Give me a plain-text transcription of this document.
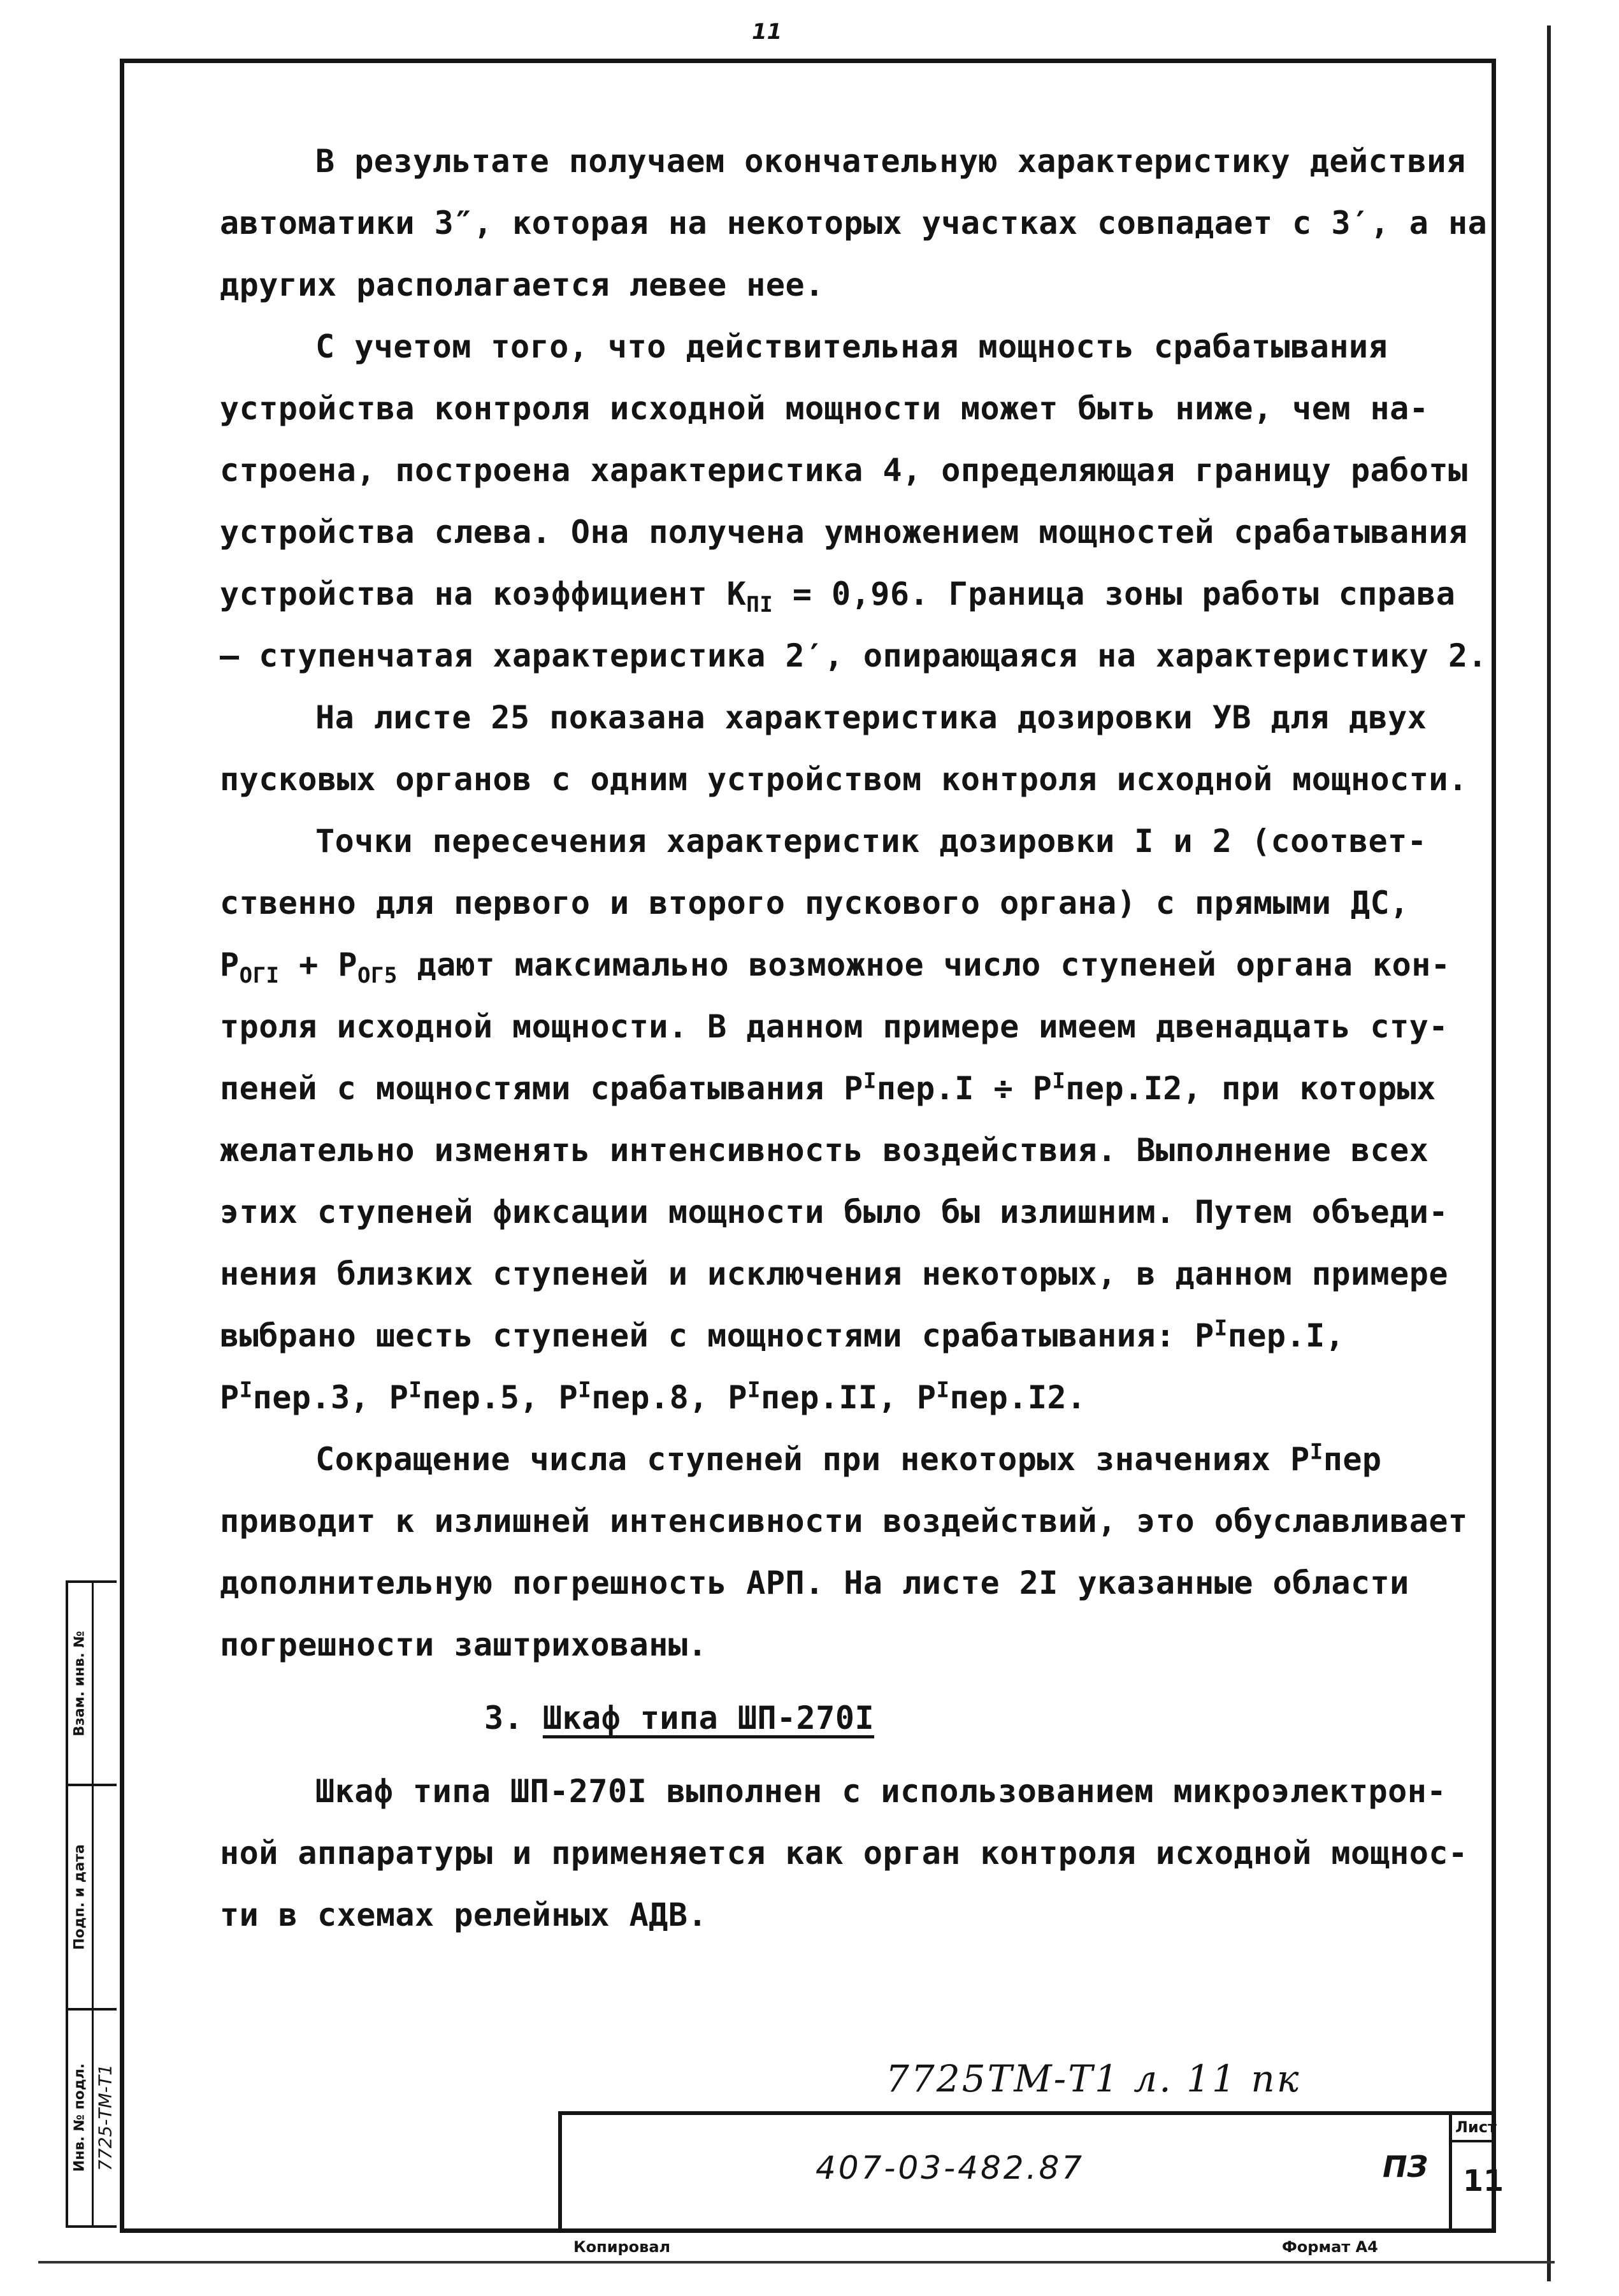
11

В результате получаем окончательную характеристику действия автоматики 3″, которая на некоторых участках совпадает с 3′, а на других располагается левее нее.

С учетом того, что действительная мощность срабатывания устройства контроля исходной мощности может быть ниже, чем на-строена, построена характеристика 4, определяющая границу работы устройства слева. Она получена умножением мощностей срабатывания устройства на коэффициент $К_{ПI} = 0,96$. Граница зоны работы справа – ступенчатая характеристика 2′, опирающаяся на характеристику 2.

На листе 25 показана характеристика дозировки УВ для двух пусковых органов с одним устройством контроля исходной мощности.

Точки пересечения характеристик дозировки I и 2 (соответ-ственно для первого и второго пускового органа) с прямыми ДС, $Р_{ОГI} + Р_{ОГ5}$ дают максимально возможное число ступеней органа кон-троля исходной мощности. В данном примере имеем двенадцать сту-пеней с мощностями срабатывания $Р^Iпер.I \div Р^Iпер.I2$, при которых желательно изменять интенсивность воздействия. Выполнение всех этих ступеней фиксации мощности было бы излишним. Путем объеди-нения близких ступеней и исключения некоторых, в данном примере выбрано шесть ступеней с мощностями срабатывания: $Р^Iпер.I$, $Р^Iпер.3$, $Р^Iпер.5$, $Р^Iпер.8$, $Р^Iпер.II$, $Р^Iпер.I2$.

Сокращение числа ступеней при некоторых значениях $Р^Iпер$ приводит к излишней интенсивности воздействий, это обуславливает дополнительную погрешность АРП. На листе 2I указанные области погрешности заштрихованы.

3. Шкаф типа ШП-270I

Шкаф типа ШП-270I выполнен с использованием микроэлектрон-ной аппаратуры и применяется как орган контроля исходной мощнос-ти в схемах релейных АДВ.

7725ТМ-Т1 л. 11 пк
Инв. № подл. 7725-ТМ-Т1
Подп. и дата
Взам. инв. №
407-03-482.87	ПЗ
Лист
11
Копировал	Формат А4
